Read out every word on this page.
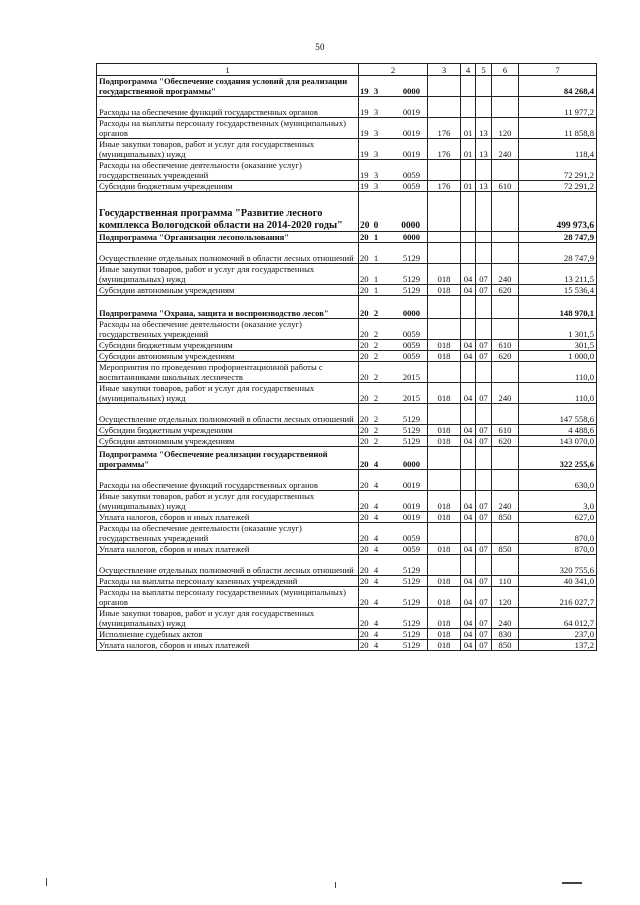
50
1	2	3	4	5	6	7
Подпрограмма "Обеспечение создания условий для реализации государственной программы"	19 3 0000					84 268,4
Расходы на обеспечение функций государственных органов	19 3 0019					11 977,2
Расходы на выплаты персоналу государственных (муниципальных) органов	19 3 0019	176	01	13	120	11 858,8
Иные закупки товаров, работ и услуг для государственных (муниципальных) нужд	19 3 0019	176	01	13	240	118,4
Расходы на обеспечение деятельности (оказание услуг) государственных учреждений	19 3 0059					72 291,2
Субсидии бюджетным учреждениям	19 3 0059	176	01	13	610	72 291,2
Государственная программа "Развитие лесного комплекса Вологодской области на 2014-2020 годы"	20 0 0000					499 973,6
Подпрограмма "Организация лесопользования"	20 1 0000					28 747,9
Осуществление отдельных полномочий в области лесных отношений	20 1 5129					28 747,9
Иные закупки товаров, работ и услуг для государственных (муниципальных) нужд	20 1 5129	018	04	07	240	13 211,5
Субсидии автономным учреждениям	20 1 5129	018	04	07	620	15 536,4
Подпрограмма "Охрана, защита и воспроизводство лесов"	20 2 0000					148 970,1
Расходы на обеспечение деятельности (оказание услуг) государственных учреждений	20 2 0059					1 301,5
Субсидии бюджетным учреждениям	20 2 0059	018	04	07	610	301,5
Субсидии автономным учреждениям	20 2 0059	018	04	07	620	1 000,0
Мероприятия по проведению профориентационной работы с воспитанниками школьных лесничеств	20 2 2015					110,0
Иные закупки товаров, работ и услуг для государственных (муниципальных) нужд	20 2 2015	018	04	07	240	110,0
Осуществление отдельных полномочий в области лесных отношений	20 2 5129					147 558,6
Субсидии бюджетным учреждениям	20 2 5129	018	04	07	610	4 488,6
Субсидии автономным учреждениям	20 2 5129	018	04	07	620	143 070,0
Подпрограмма "Обеспечение реализации государственной программы"	20 4 0000					322 255,6
Расходы на обеспечение функций государственных органов	20 4 0019					630,0
Иные закупки товаров, работ и услуг для государственных (муниципальных) нужд	20 4 0019	018	04	07	240	3,0
Уплата налогов, сборов и иных платежей	20 4 0019	018	04	07	850	627,0
Расходы на обеспечение деятельности (оказание услуг) государственных учреждений	20 4 0059					870,0
Уплата налогов, сборов и иных платежей	20 4 0059	018	04	07	850	870,0
Осуществление отдельных полномочий в области лесных отношений	20 4 5129					320 755,6
Расходы на выплаты персоналу казенных учреждений	20 4 5129	018	04	07	110	40 341,0
Расходы на выплаты персоналу государственных (муниципальных) органов	20 4 5129	018	04	07	120	216 027,7
Иные закупки товаров, работ и услуг для государственных (муниципальных) нужд	20 4 5129	018	04	07	240	64 012,7
Исполнение судебных актов	20 4 5129	018	04	07	830	237,0
Уплата налогов, сборов и иных платежей	20 4 5129	018	04	07	850	137,2
